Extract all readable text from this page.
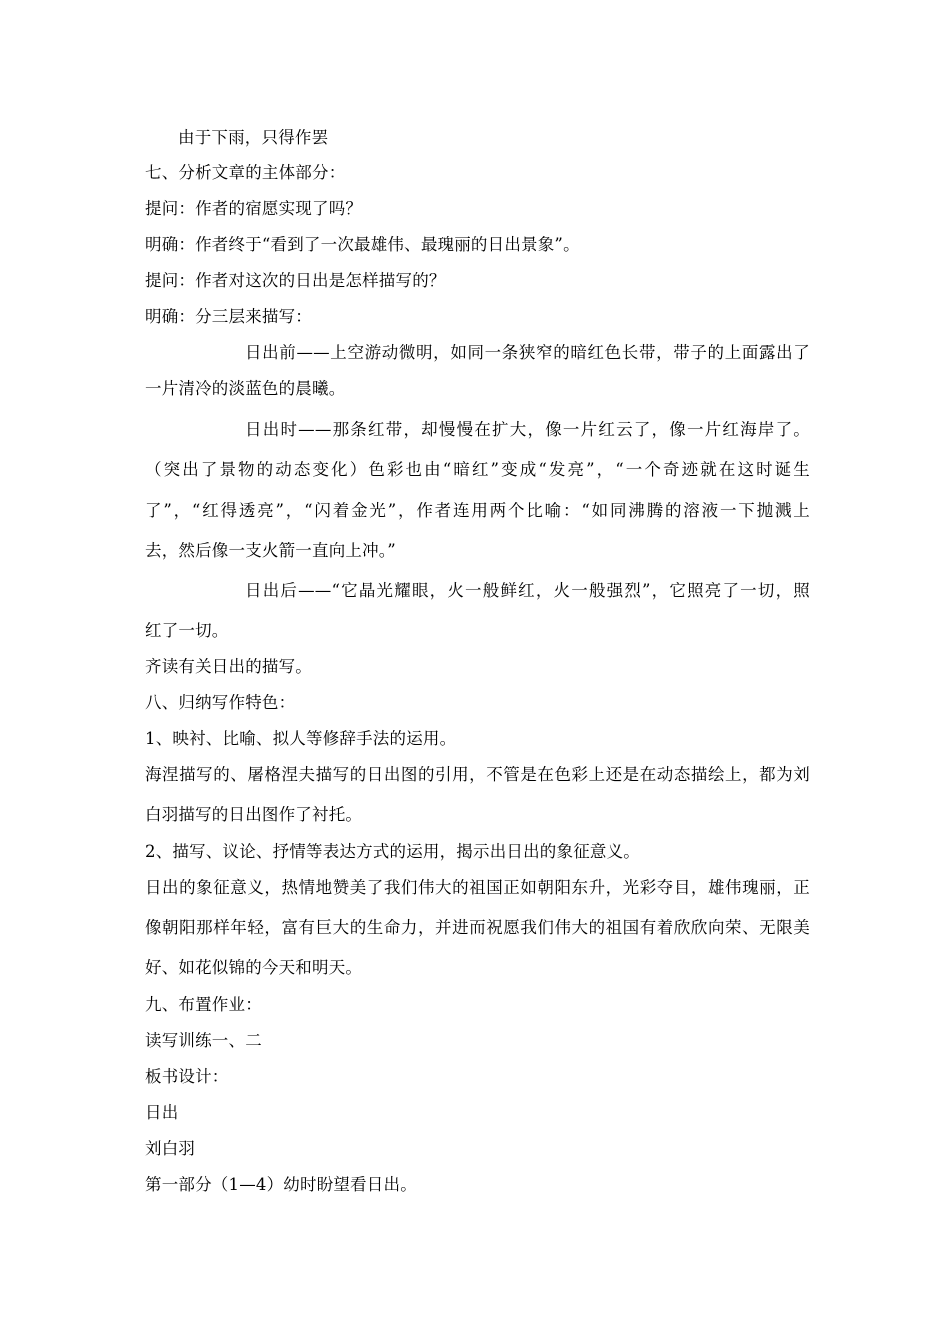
由于下雨，只得作罢
七、分析文章的主体部分：
提问：作者的宿愿实现了吗？
明确：作者终于“看到了一次最雄伟、最瑰丽的日出景象”。
提问：作者对这次的日出是怎样描写的？
明确：分三层来描写：
日出前——上空游动微明，如同一条狭窄的暗红色长带，带子的上面露出了
一片清冷的淡蓝色的晨曦。
日出时——那条红带，却慢慢在扩大，像一片红云了，像一片红海岸了。
（突出了景物的动态变化）色彩也由“暗红”变成“发亮”，“一个奇迹就在这时诞生
了”，“红得透亮”，“闪着金光”，作者连用两个比喻：“如同沸腾的溶液一下抛溅上
去，然后像一支火箭一直向上冲。”
日出后——“它晶光耀眼，火一般鲜红，火一般强烈”，它照亮了一切，照
红了一切。
齐读有关日出的描写。
八、归纳写作特色：
1、映衬、比喻、拟人等修辞手法的运用。
海涅描写的、屠格涅夫描写的日出图的引用，不管是在色彩上还是在动态描绘上，都为刘
白羽描写的日出图作了衬托。
2、描写、议论、抒情等表达方式的运用，揭示出日出的象征意义。
日出的象征意义，热情地赞美了我们伟大的祖国正如朝阳东升，光彩夺目，雄伟瑰丽，正
像朝阳那样年轻，富有巨大的生命力，并进而祝愿我们伟大的祖国有着欣欣向荣、无限美
好、如花似锦的今天和明天。
九、布置作业：
读写训练一、二
板书设计：
日出
刘白羽
第一部分（1—4）幼时盼望看日出。
